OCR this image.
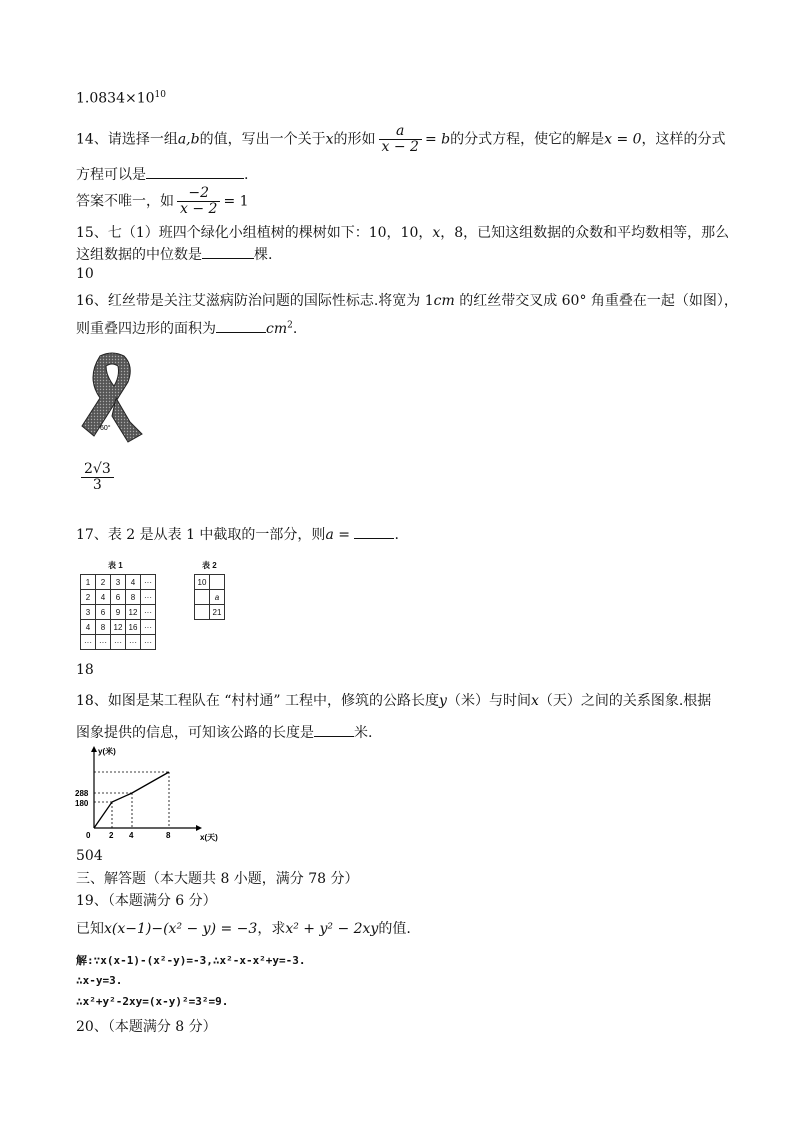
$1.0834\times 10^{10}$
14、请选择一组a,b的值，写出一个关于x的形如 $\frac{a}{x - 2} = b$的分式方程，使它的解是x = 0，这样的分式
方程可以是	.
答案不唯一，如 $\frac{-2}{x - 2} = 1$
15、七（1）班四个绿化小组植树的棵树如下：10，10，x，8，已知这组数据的众数和平均数相等，那么
这组数据的中位数是	棵.
10
16、红丝带是关注艾滋病防治问题的国际性标志.将宽为 1cm 的红丝带交叉成 60° 角重叠在一起（如图），
则重叠四边形的面积为	$cm^2$.
60°
$\frac{2√3}{3}$
17、表 2 是从表 1 中截取的一部分，则a =	.
表 1
1	2	3	4	···
2	4	6	8	···
3	6	9	12	···
4	8	12	16	···
···	···	···	···	···
表 2
10	
	a
	21
18
18、如图是某工程队在 “村村通” 工程中，修筑的公路长度y（米）与时间x（天）之间的关系图象.根据
图象提供的信息，可知该公路的长度是	米.
y(米)
x(天)
0 2 4	8
288
180
504
三、解答题（本大题共 8 小题，满分 78 分）
19、（本题满分 6 分）
已知x(x−1)−(x² − y) = −3，求x² + y² − 2xy的值.
解:∵x(x-1)-(x²-y)=-3,∴x²-x-x²+y=-3.
∴x-y=3.
∴x²+y²-2xy=(x-y)²=3²=9.
20、（本题满分 8 分）
